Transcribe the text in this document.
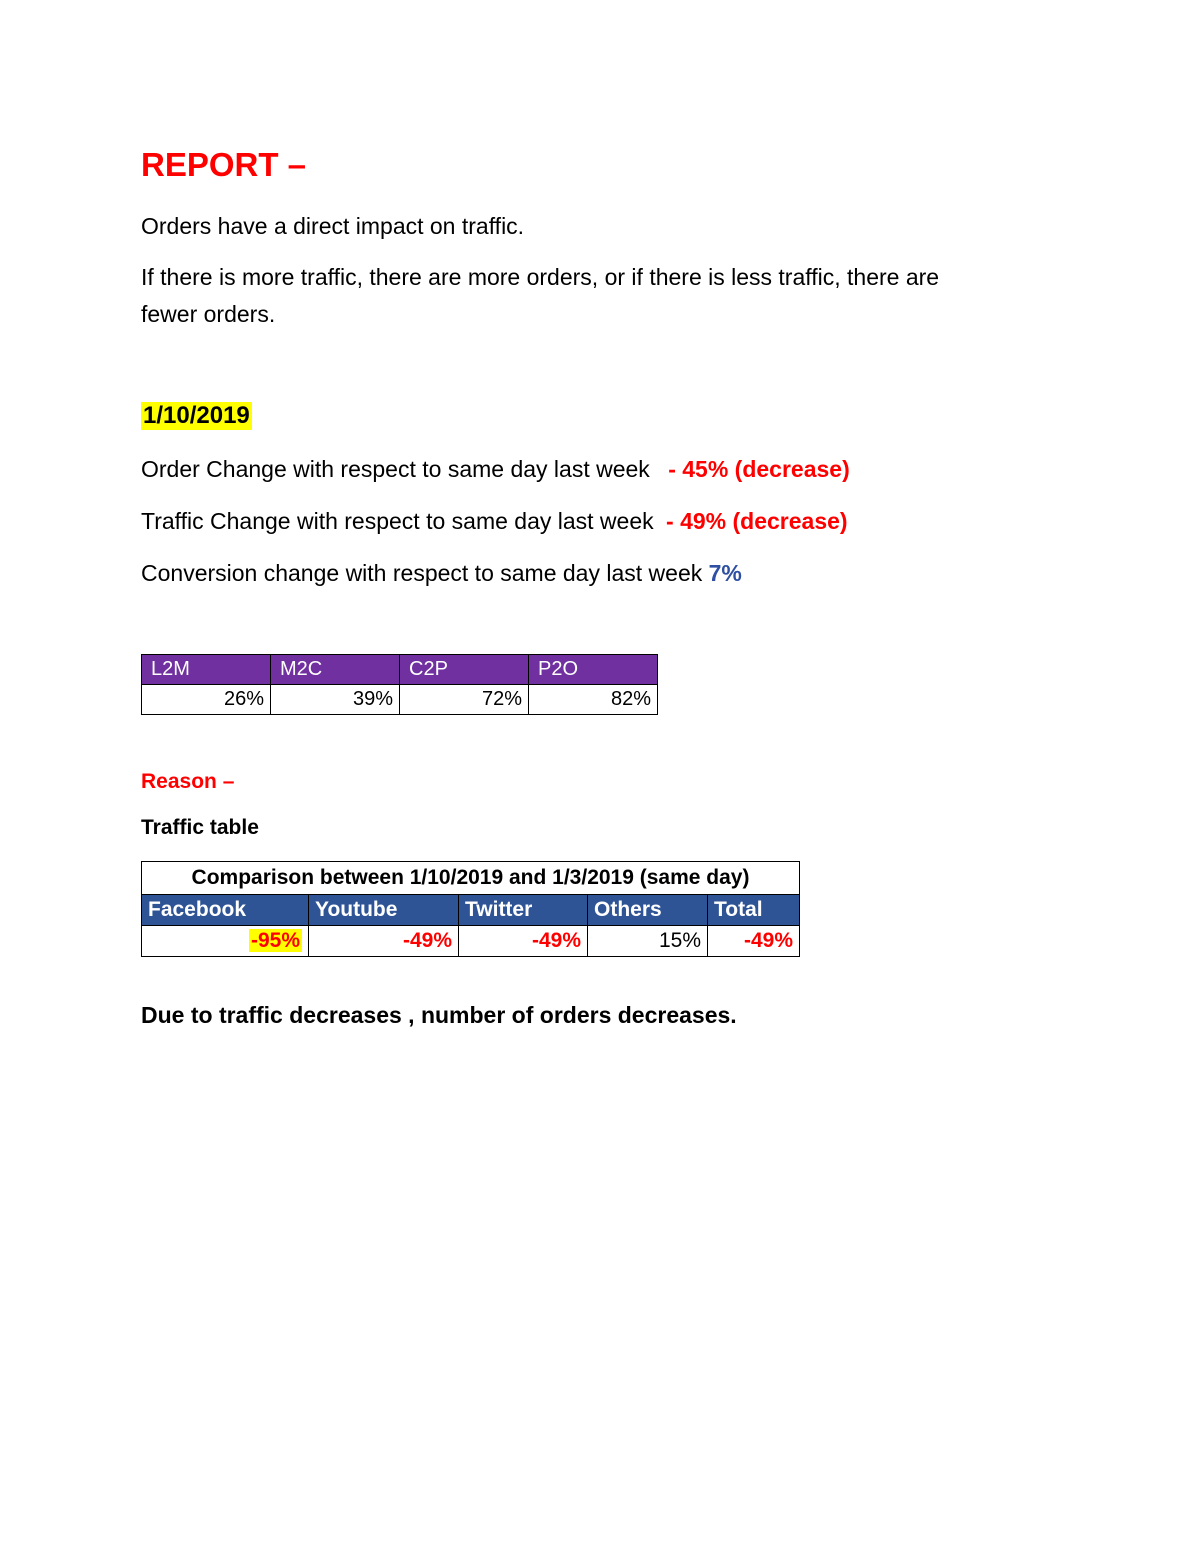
REPORT –
Orders have a direct impact on traffic.
If there is more traffic, there are more orders, or if there is less traffic, there are
fewer orders.
1/10/2019
Order Change with respect to same day last week - 45% (decrease)
Traffic Change with respect to same day last week - 49% (decrease)
Conversion change with respect to same day last week 7%
L2M	M2C	C2P	P2O
26%	39%	72%	82%
Reason –
Traffic table
Comparison between 1/10/2019 and 1/3/2019 (same day)				
Facebook	Youtube	Twitter	Others	Total
-95%	-49%	-49%	15%	-49%
Due to traffic decreases , number of orders decreases.
